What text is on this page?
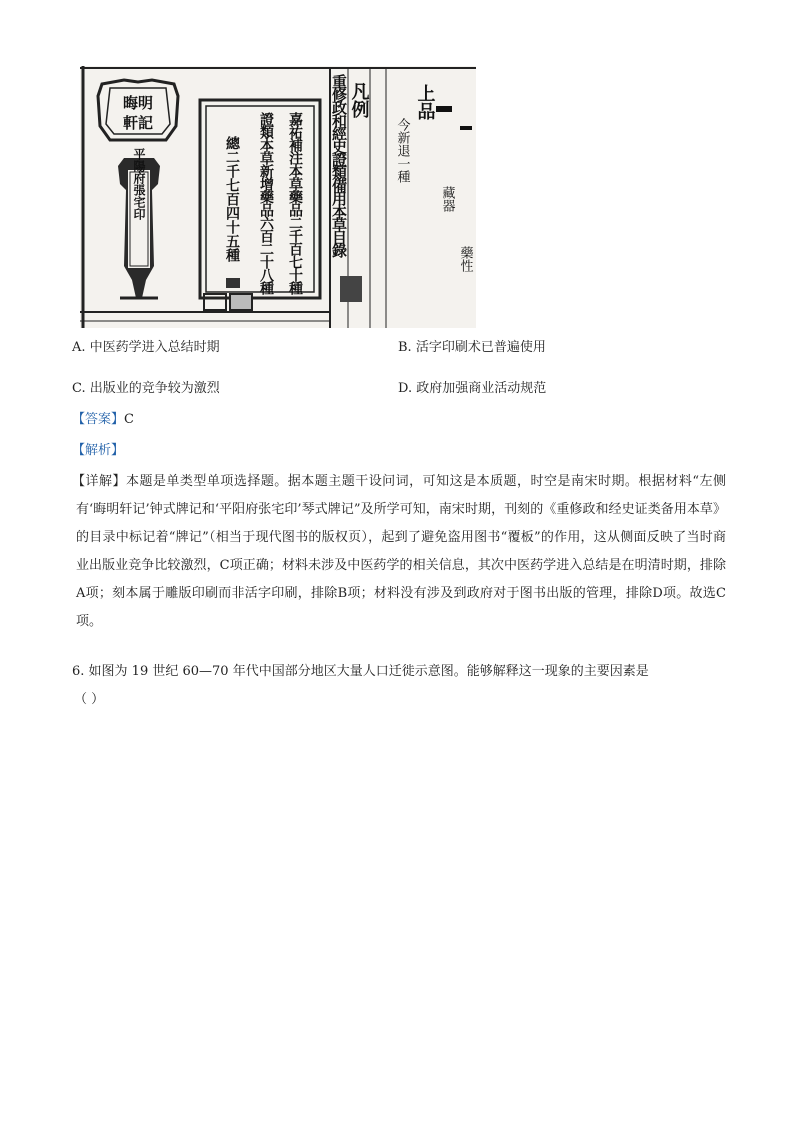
晦明
軒記
平陽府張宅印	嘉祐補注本草藥品二千百七十種
證類本草新增藥品六百二十八種
總二千七百四十五種	重修政和經史證類備用本草目錄 凡例
今新退一種
上品
藏器
藥性
A. 中医药学进入总结时期	B. 活字印刷术已普遍使用
C. 出版业的竞争较为激烈	D. 政府加强商业活动规范
【答案】C
【解析】

【详解】本题是单类型单项选择题。据本题主题干设问词，可知这是本质题，时空是南宋时期。根据材料“左侧有‘晦明轩记’钟式牌记和‘平阳府张宅印’琴式牌记”及所学可知，南宋时期，刊刻的《重修政和经史证类备用本草》的目录中标记着“牌记”（相当于现代图书的版权页），起到了避免盗用图书“覆板”的作用，这从侧面反映了当时商业出版业竞争比较激烈，C项正确；材料未涉及中医药学的相关信息，其次中医药学进入总结是在明清时期，排除A项；刻本属于雕版印刷而非活字印刷，排除B项；材料没有涉及到政府对于图书出版的管理，排除D项。故选C项。

6. 如图为 19 世纪 60—70 年代中国部分地区大量人口迁徙示意图。能够解释这一现象的主要因素是
（ ）
